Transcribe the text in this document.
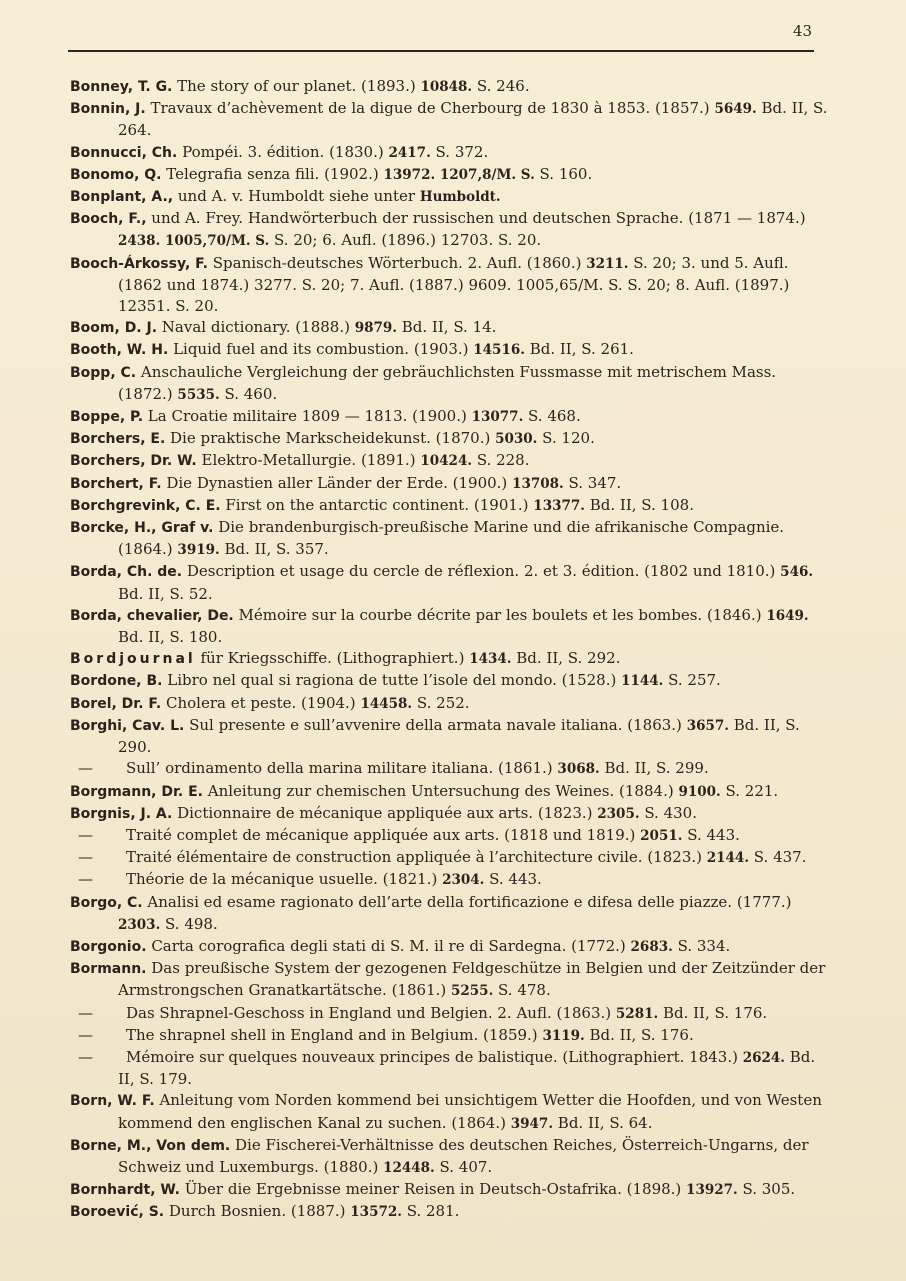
43
Bonney, T. G. The story of our planet. (1893.) 10848. S. 246.
Bonnin, J. Travaux d’achèvement de la digue de Cherbourg de 1830 à 1853. (1857.) 5649. Bd. II, S. 264.
Bonnucci, Ch. Pompéi. 3. édition. (1830.) 2417. S. 372.
Bonomo, Q. Telegrafia senza fili. (1902.) 13972. 1207,8/M. S. S. 160.
Bonplant, A., und A. v. Humboldt siehe unter Humboldt.
Booch, F., und A. Frey. Handwörterbuch der russischen und deutschen Sprache. (1871 — 1874.) 2438. 1005,70/M. S. S. 20; 6. Aufl. (1896.) 12703. S. 20.
Booch-Árkossy, F. Spanisch-deutsches Wörterbuch. 2. Aufl. (1860.) 3211. S. 20; 3. und 5. Aufl. (1862 und 1874.) 3277. S. 20; 7. Aufl. (1887.) 9609. 1005,65/M. S. S. 20; 8. Aufl. (1897.) 12351. S. 20.
Boom, D. J. Naval dictionary. (1888.) 9879. Bd. II, S. 14.
Booth, W. H. Liquid fuel and its combustion. (1903.) 14516. Bd. II, S. 261.
Bopp, C. Anschauliche Vergleichung der gebräuchlichsten Fussmasse mit metrischem Mass. (1872.) 5535. S. 460.
Boppe, P. La Croatie militaire 1809 — 1813. (1900.) 13077. S. 468.
Borchers, E. Die praktische Markscheidekunst. (1870.) 5030. S. 120.
Borchers, Dr. W. Elektro-Metallurgie. (1891.) 10424. S. 228.
Borchert, F. Die Dynastien aller Länder der Erde. (1900.) 13708. S. 347.
Borchgrevink, C. E. First on the antarctic continent. (1901.) 13377. Bd. II, S. 108.
Borcke, H., Graf v. Die brandenburgisch-preußische Marine und die afrikanische Compagnie. (1864.) 3919. Bd. II, S. 357.
Borda, Ch. de. Description et usage du cercle de réflexion. 2. et 3. édition. (1802 und 1810.) 546. Bd. II, S. 52.
Borda, chevalier, De. Mémoire sur la courbe décrite par les boulets et les bombes. (1846.) 1649. Bd. II, S. 180.
Bordjournal für Kriegsschiffe. (Lithographiert.) 1434. Bd. II, S. 292.
Bordone, B. Libro nel qual si ragiona de tutte l’isole del mondo. (1528.) 1144. S. 257.
Borel, Dr. F. Cholera et peste. (1904.) 14458. S. 252.
Borghi, Cav. L. Sul presente e sull’avvenire della armata navale italiana. (1863.) 3657. Bd. II, S. 290.
— Sull’ ordinamento della marina militare italiana. (1861.) 3068. Bd. II, S. 299.
Borgmann, Dr. E. Anleitung zur chemischen Untersuchung des Weines. (1884.) 9100. S. 221.
Borgnis, J. A. Dictionnaire de mécanique appliquée aux arts. (1823.) 2305. S. 430.
— Traité complet de mécanique appliquée aux arts. (1818 und 1819.) 2051. S. 443.
— Traité élémentaire de construction appliquée à l’architecture civile. (1823.) 2144. S. 437.
— Théorie de la mécanique usuelle. (1821.) 2304. S. 443.
Borgo, C. Analisi ed esame ragionato dell’arte della fortificazione e difesa delle piazze. (1777.) 2303. S. 498.
Borgonio. Carta corografica degli stati di S. M. il re di Sardegna. (1772.) 2683. S. 334.
Bormann. Das preußische System der gezogenen Feldgeschütze in Belgien und der Zeitzünder der Armstrongschen Granatkartätsche. (1861.) 5255. S. 478.
— Das Shrapnel-Geschoss in England und Belgien. 2. Aufl. (1863.) 5281. Bd. II, S. 176.
— The shrapnel shell in England and in Belgium. (1859.) 3119. Bd. II, S. 176.
— Mémoire sur quelques nouveaux principes de balistique. (Lithographiert. 1843.) 2624. Bd. II, S. 179.
Born, W. F. Anleitung vom Norden kommend bei unsichtigem Wetter die Hoofden, und von Westen kommend den englischen Kanal zu suchen. (1864.) 3947. Bd. II, S. 64.
Borne, M., Von dem. Die Fischerei-Verhältnisse des deutschen Reiches, Österreich-Ungarns, der Schweiz und Luxemburgs. (1880.) 12448. S. 407.
Bornhardt, W. Über die Ergebnisse meiner Reisen in Deutsch-Ostafrika. (1898.) 13927. S. 305.
Boroević, S. Durch Bosnien. (1887.) 13572. S. 281.
